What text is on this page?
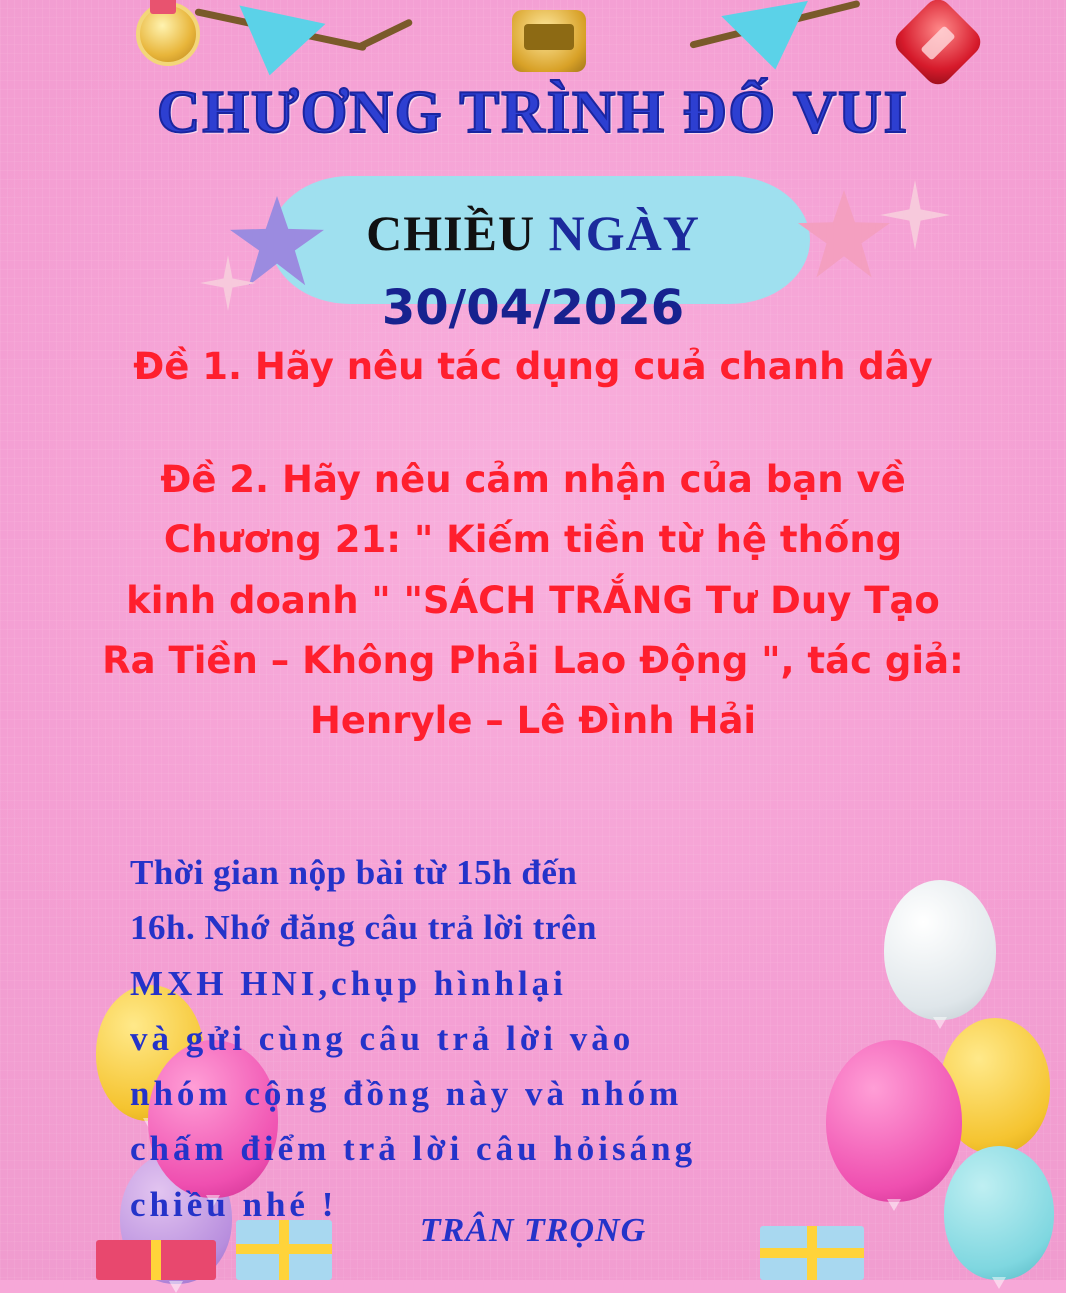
CHƯƠNG TRÌNH ĐỐ VUI
CHIỀU NGÀY
30/04/2026
Đề 1. Hãy nêu tác dụng cuả chanh dây
Đề 2. Hãy nêu cảm nhận của bạn về
Chương 21: " Kiếm tiền từ hệ thống
kinh doanh " "SÁCH TRẮNG Tư Duy Tạo
Ra Tiền – Không Phải Lao Động ", tác giả:
Henryle – Lê Đình Hải
Thời gian nộp bài từ 15h đến
16h. Nhớ đăng câu trả lời trên
MXH HNI,chụp hìnhlại
và gửi cùng câu trả lời vào
nhóm cộng đồng này và nhóm
chấm điểm trả lời câu hỏisáng
chiều nhé !
TRÂN TRỌNG
